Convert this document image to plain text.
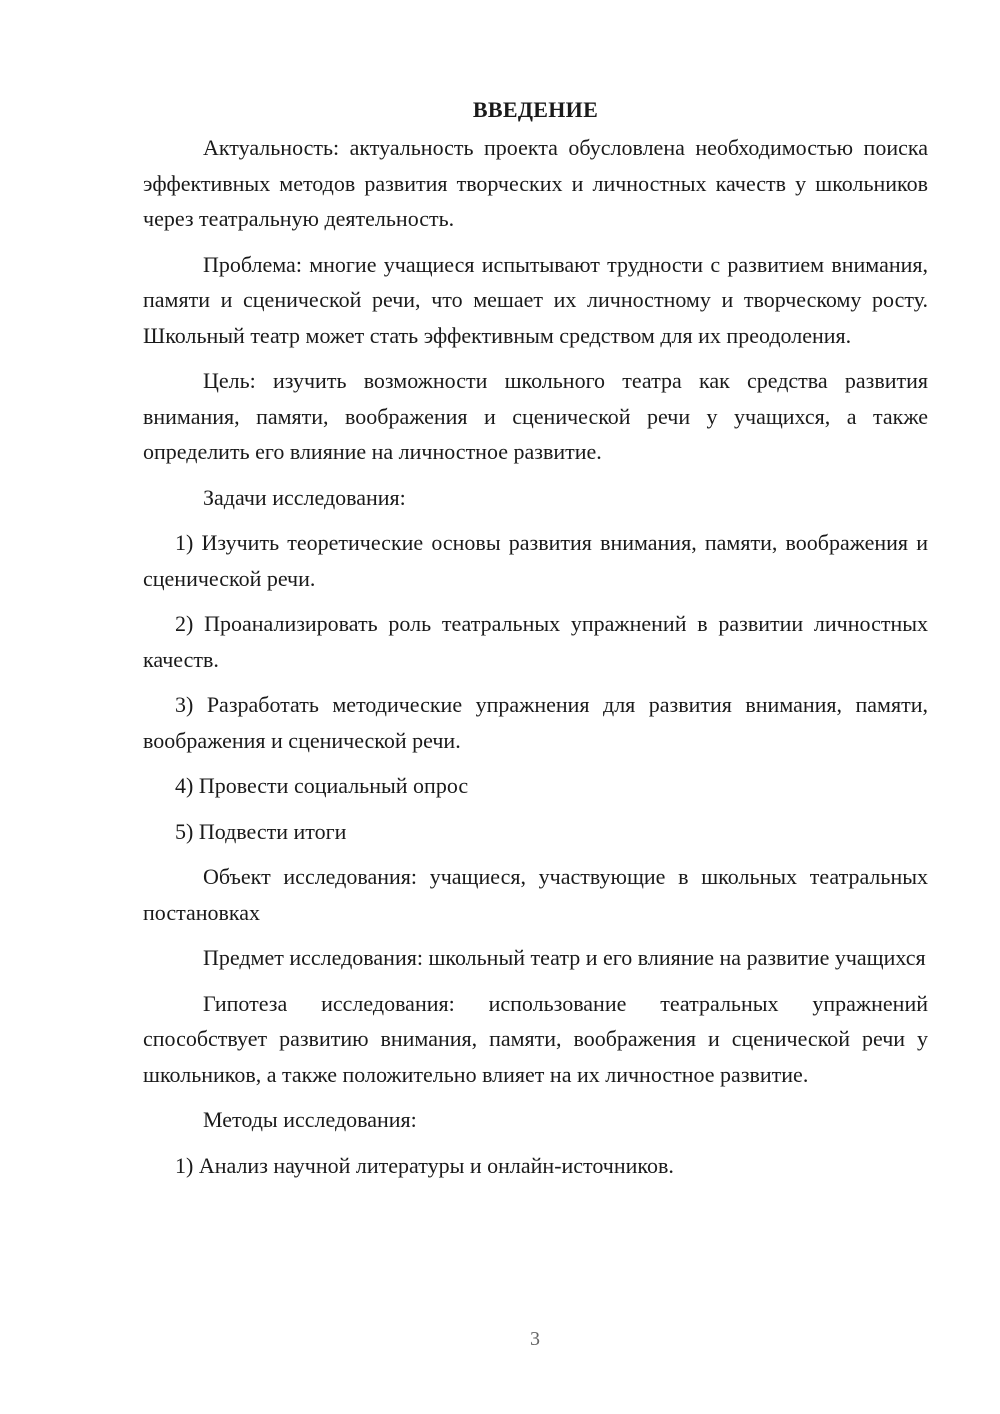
ВВЕДЕНИЕ

Актуальность: актуальность проекта обусловлена необходимостью поиска эффективных методов развития творческих и личностных качеств у школьников через театральную деятельность.

Проблема: многие учащиеся испытывают трудности с развитием внимания, памяти и сценической речи, что мешает их личностному и творческому росту. Школьный театр может стать эффективным средством для их преодоления.

Цель: изучить возможности школьного театра как средства развития внимания, памяти, воображения и сценической речи у учащихся, а также определить его влияние на личностное развитие.

Задачи исследования:

1) Изучить теоретические основы развития внимания, памяти, воображения и сценической речи.

2) Проанализировать роль театральных упражнений в развитии личностных качеств.

3) Разработать методические упражнения для развития внимания, памяти, воображения и сценической речи.

4) Провести социальный опрос

5) Подвести итоги

Объект исследования: учащиеся, участвующие в школьных театральных постановках

Предмет исследования: школьный театр и его влияние на развитие учащихся

Гипотеза исследования: использование театральных упражнений способствует развитию внимания, памяти, воображения и сценической речи у школьников, а также положительно влияет на их личностное развитие.

Методы исследования:

1) Анализ научной литературы и онлайн-источников.

3
